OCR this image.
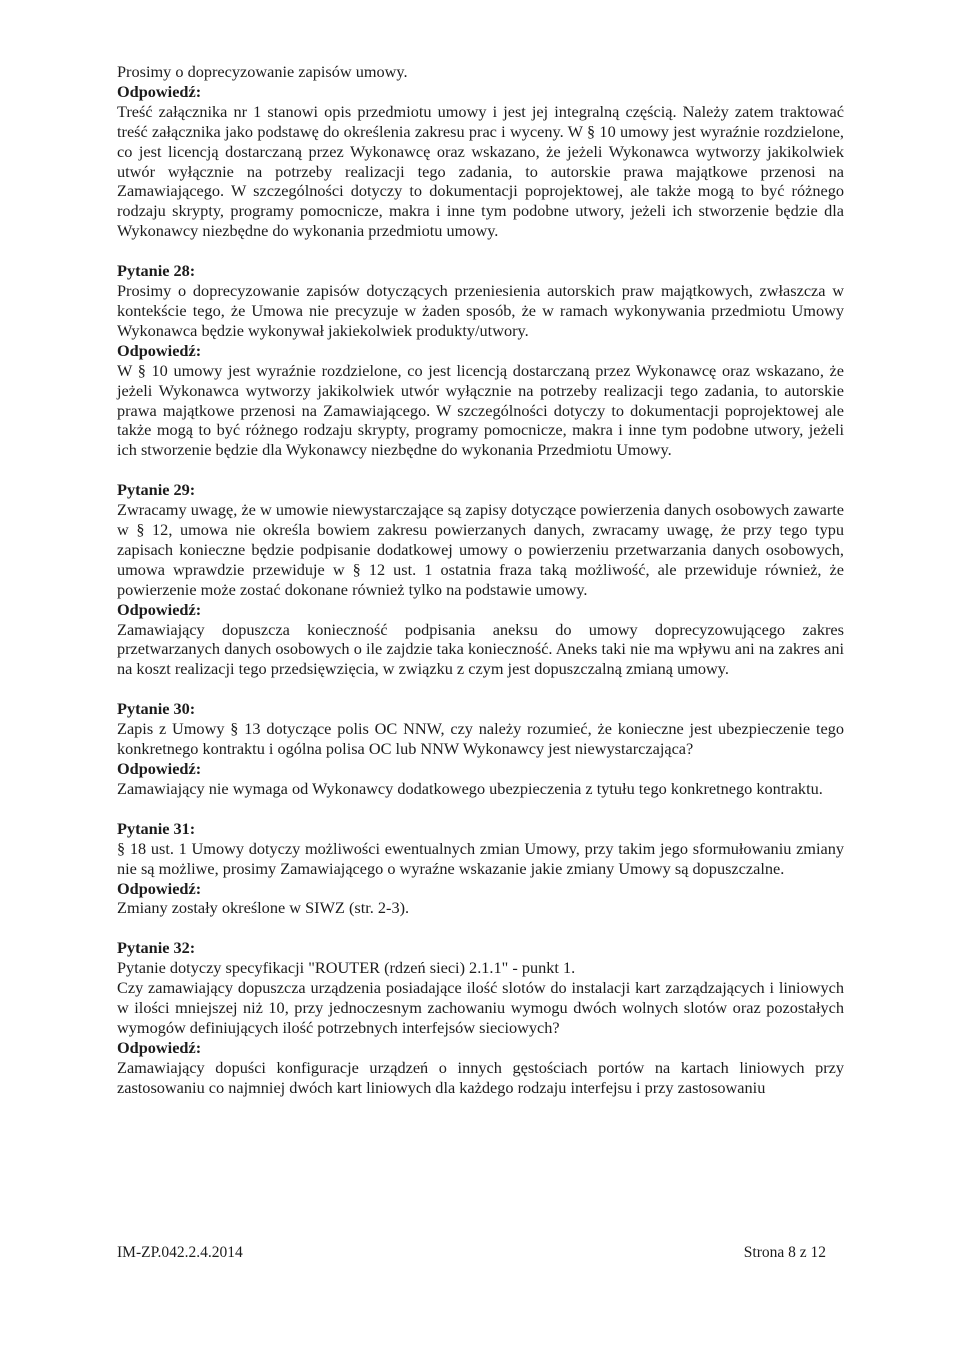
Prosimy o doprecyzowanie zapisów umowy.

Odpowiedź:

Treść załącznika nr 1 stanowi opis przedmiotu umowy i jest jej integralną częścią. Należy zatem traktować treść załącznika jako podstawę do określenia zakresu prac i wyceny. W § 10 umowy jest wyraźnie rozdzielone, co jest licencją dostarczaną przez Wykonawcę oraz wskazano, że jeżeli Wykonawca wytworzy jakikolwiek utwór wyłącznie na potrzeby realizacji tego zadania, to autorskie prawa majątkowe przenosi na Zamawiającego. W szczególności dotyczy to dokumentacji poprojektowej, ale także mogą to być różnego rodzaju skrypty, programy pomocnicze, makra i inne tym podobne utwory, jeżeli ich stworzenie będzie dla Wykonawcy niezbędne do wykonania przedmiotu umowy.

Pytanie 28:

Prosimy o doprecyzowanie zapisów dotyczących przeniesienia autorskich praw majątkowych, zwłaszcza w kontekście tego, że Umowa nie precyzuje w żaden sposób, że w ramach wykonywania przedmiotu Umowy Wykonawca będzie wykonywał jakiekolwiek produkty/utwory.

Odpowiedź:

W § 10 umowy jest wyraźnie rozdzielone, co jest licencją dostarczaną przez Wykonawcę oraz wskazano, że jeżeli Wykonawca wytworzy jakikolwiek utwór wyłącznie na potrzeby realizacji tego zadania, to autorskie prawa majątkowe przenosi na Zamawiającego. W szczególności dotyczy to dokumentacji poprojektowej ale także mogą to być różnego rodzaju skrypty, programy pomocnicze, makra i inne tym podobne utwory, jeżeli ich stworzenie będzie dla Wykonawcy niezbędne do wykonania Przedmiotu Umowy.

Pytanie 29:

Zwracamy uwagę, że w umowie niewystarczające są zapisy dotyczące powierzenia danych osobowych zawarte w § 12, umowa nie określa bowiem zakresu powierzanych danych, zwracamy uwagę, że przy tego typu zapisach konieczne będzie podpisanie dodatkowej umowy o powierzeniu przetwarzania danych osobowych, umowa wprawdzie przewiduje w § 12 ust. 1 ostatnia fraza taką możliwość, ale przewiduje również, że powierzenie może zostać dokonane również tylko na podstawie umowy.

Odpowiedź:

Zamawiający dopuszcza konieczność podpisania aneksu do umowy doprecyzowującego zakres przetwarzanych danych osobowych o ile zajdzie taka konieczność. Aneks taki nie ma wpływu ani na zakres ani na koszt realizacji tego przedsięwzięcia, w związku z czym jest dopuszczalną zmianą umowy.

Pytanie 30:

Zapis z Umowy § 13 dotyczące polis OC NNW, czy należy rozumieć, że konieczne jest ubezpieczenie tego konkretnego kontraktu i ogólna polisa OC lub NNW Wykonawcy jest niewystarczająca?

Odpowiedź:

Zamawiający nie wymaga od Wykonawcy dodatkowego ubezpieczenia z tytułu tego konkretnego kontraktu.

Pytanie 31:

§ 18 ust. 1 Umowy dotyczy możliwości ewentualnych zmian Umowy, przy takim jego sformułowaniu zmiany nie są możliwe, prosimy Zamawiającego o wyraźne wskazanie jakie zmiany Umowy są dopuszczalne.

Odpowiedź:

Zmiany zostały określone w SIWZ (str. 2-3).

Pytanie 32:

Pytanie dotyczy specyfikacji "ROUTER (rdzeń sieci) 2.1.1" - punkt 1.

Czy zamawiający dopuszcza urządzenia posiadające ilość slotów do instalacji kart zarządzających i liniowych w ilości mniejszej niż 10, przy jednoczesnym zachowaniu wymogu dwóch wolnych slotów oraz pozostałych wymogów definiujących ilość potrzebnych interfejsów sieciowych?

Odpowiedź:

Zamawiający dopuści konfiguracje urządzeń o innych gęstościach portów na kartach liniowych przy zastosowaniu co najmniej dwóch kart liniowych dla każdego rodzaju interfejsu i przy zastosowaniu

IM-ZP.042.2.4.2014	Strona 8 z 12
